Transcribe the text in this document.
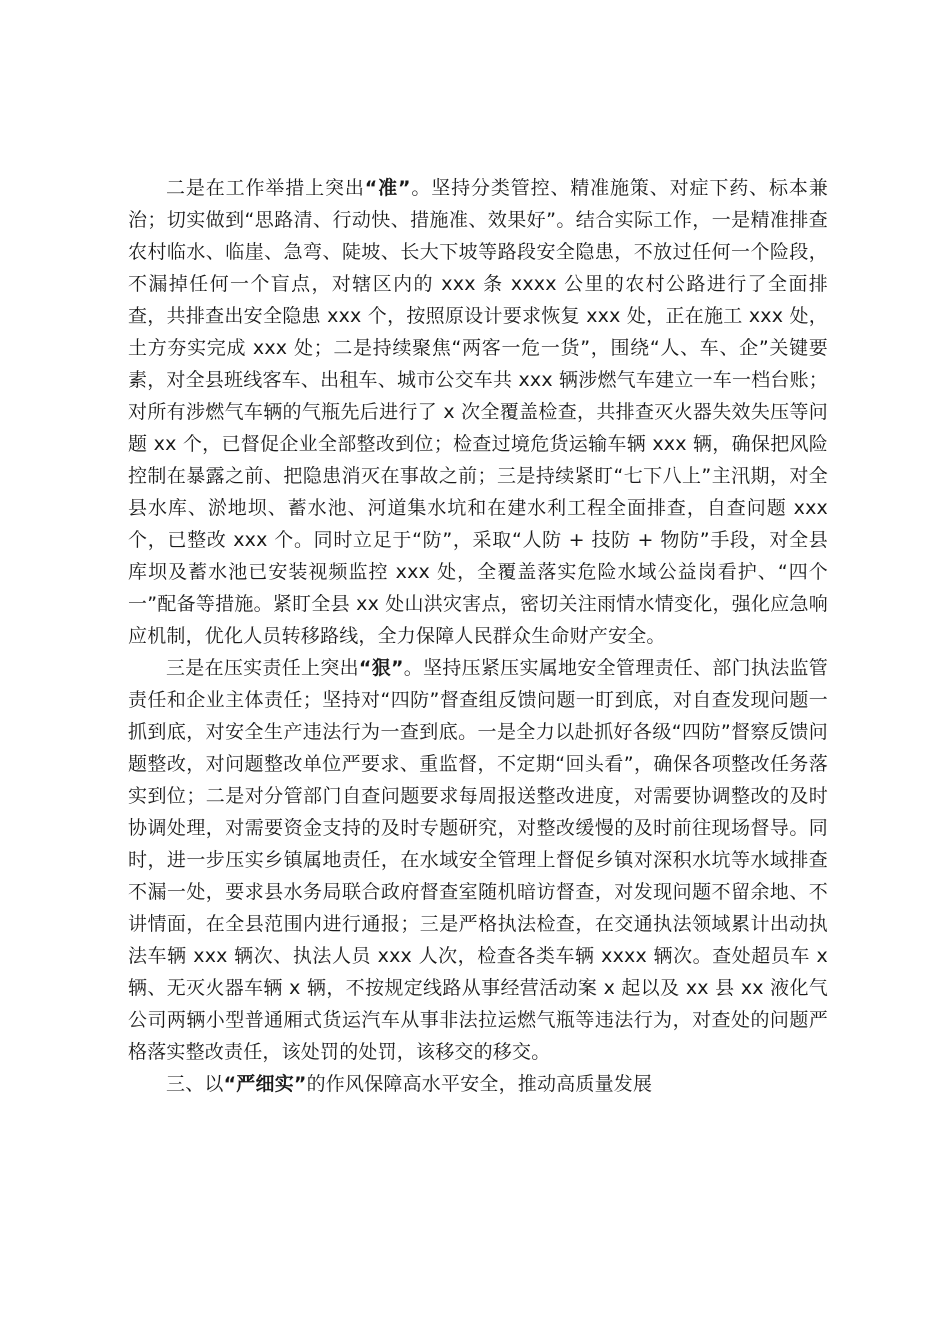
二是在工作举措上突出“准”。坚持分类管控、精准施策、对症下药、标本兼治；切实做到“思路清、行动快、措施准、效果好”。结合实际工作，一是精准排查农村临水、临崖、急弯、陡坡、长大下坡等路段安全隐患，不放过任何一个险段，不漏掉任何一个盲点，对辖区内的 xxx 条 xxxx 公里的农村公路进行了全面排查，共排查出安全隐患 xxx 个，按照原设计要求恢复 xxx 处，正在施工 xxx 处，土方夯实完成 xxx 处；二是持续聚焦“两客一危一货”，围绕“人、车、企”关键要素，对全县班线客车、出租车、城市公交车共 xxx 辆涉燃气车建立一车一档台账；对所有涉燃气车辆的气瓶先后进行了 x 次全覆盖检查，共排查灭火器失效失压等问题 xx 个，已督促企业全部整改到位；检查过境危货运输车辆 xxx 辆，确保把风险控制在暴露之前、把隐患消灭在事故之前；三是持续紧盯“七下八上”主汛期，对全县水库、淤地坝、蓄水池、河道集水坑和在建水利工程全面排查，自查问题 xxx 个，已整改 xxx 个。同时立足于“防”，采取“人防 + 技防 + 物防”手段，对全县库坝及蓄水池已安装视频监控 xxx 处，全覆盖落实危险水域公益岗看护、“四个一”配备等措施。紧盯全县 xx 处山洪灾害点，密切关注雨情水情变化，强化应急响应机制，优化人员转移路线，全力保障人民群众生命财产安全。

三是在压实责任上突出“狠”。坚持压紧压实属地安全管理责任、部门执法监管责任和企业主体责任；坚持对“四防”督查组反馈问题一盯到底，对自查发现问题一抓到底，对安全生产违法行为一查到底。一是全力以赴抓好各级“四防”督察反馈问题整改，对问题整改单位严要求、重监督，不定期“回头看”，确保各项整改任务落实到位；二是对分管部门自查问题要求每周报送整改进度，对需要协调整改的及时协调处理，对需要资金支持的及时专题研究，对整改缓慢的及时前往现场督导。同时，进一步压实乡镇属地责任，在水域安全管理上督促乡镇对深积水坑等水域排查不漏一处，要求县水务局联合政府督查室随机暗访督查，对发现问题不留余地、不讲情面，在全县范围内进行通报；三是严格执法检查，在交通执法领域累计出动执法车辆 xxx 辆次、执法人员 xxx 人次，检查各类车辆 xxxx 辆次。查处超员车 x 辆、无灭火器车辆 x 辆，不按规定线路从事经营活动案 x 起以及 xx 县 xx 液化气公司两辆小型普通厢式货运汽车从事非法拉运燃气瓶等违法行为，对查处的问题严格落实整改责任，该处罚的处罚，该移交的移交。

三、以“严细实”的作风保障高水平安全，推动高质量发展
